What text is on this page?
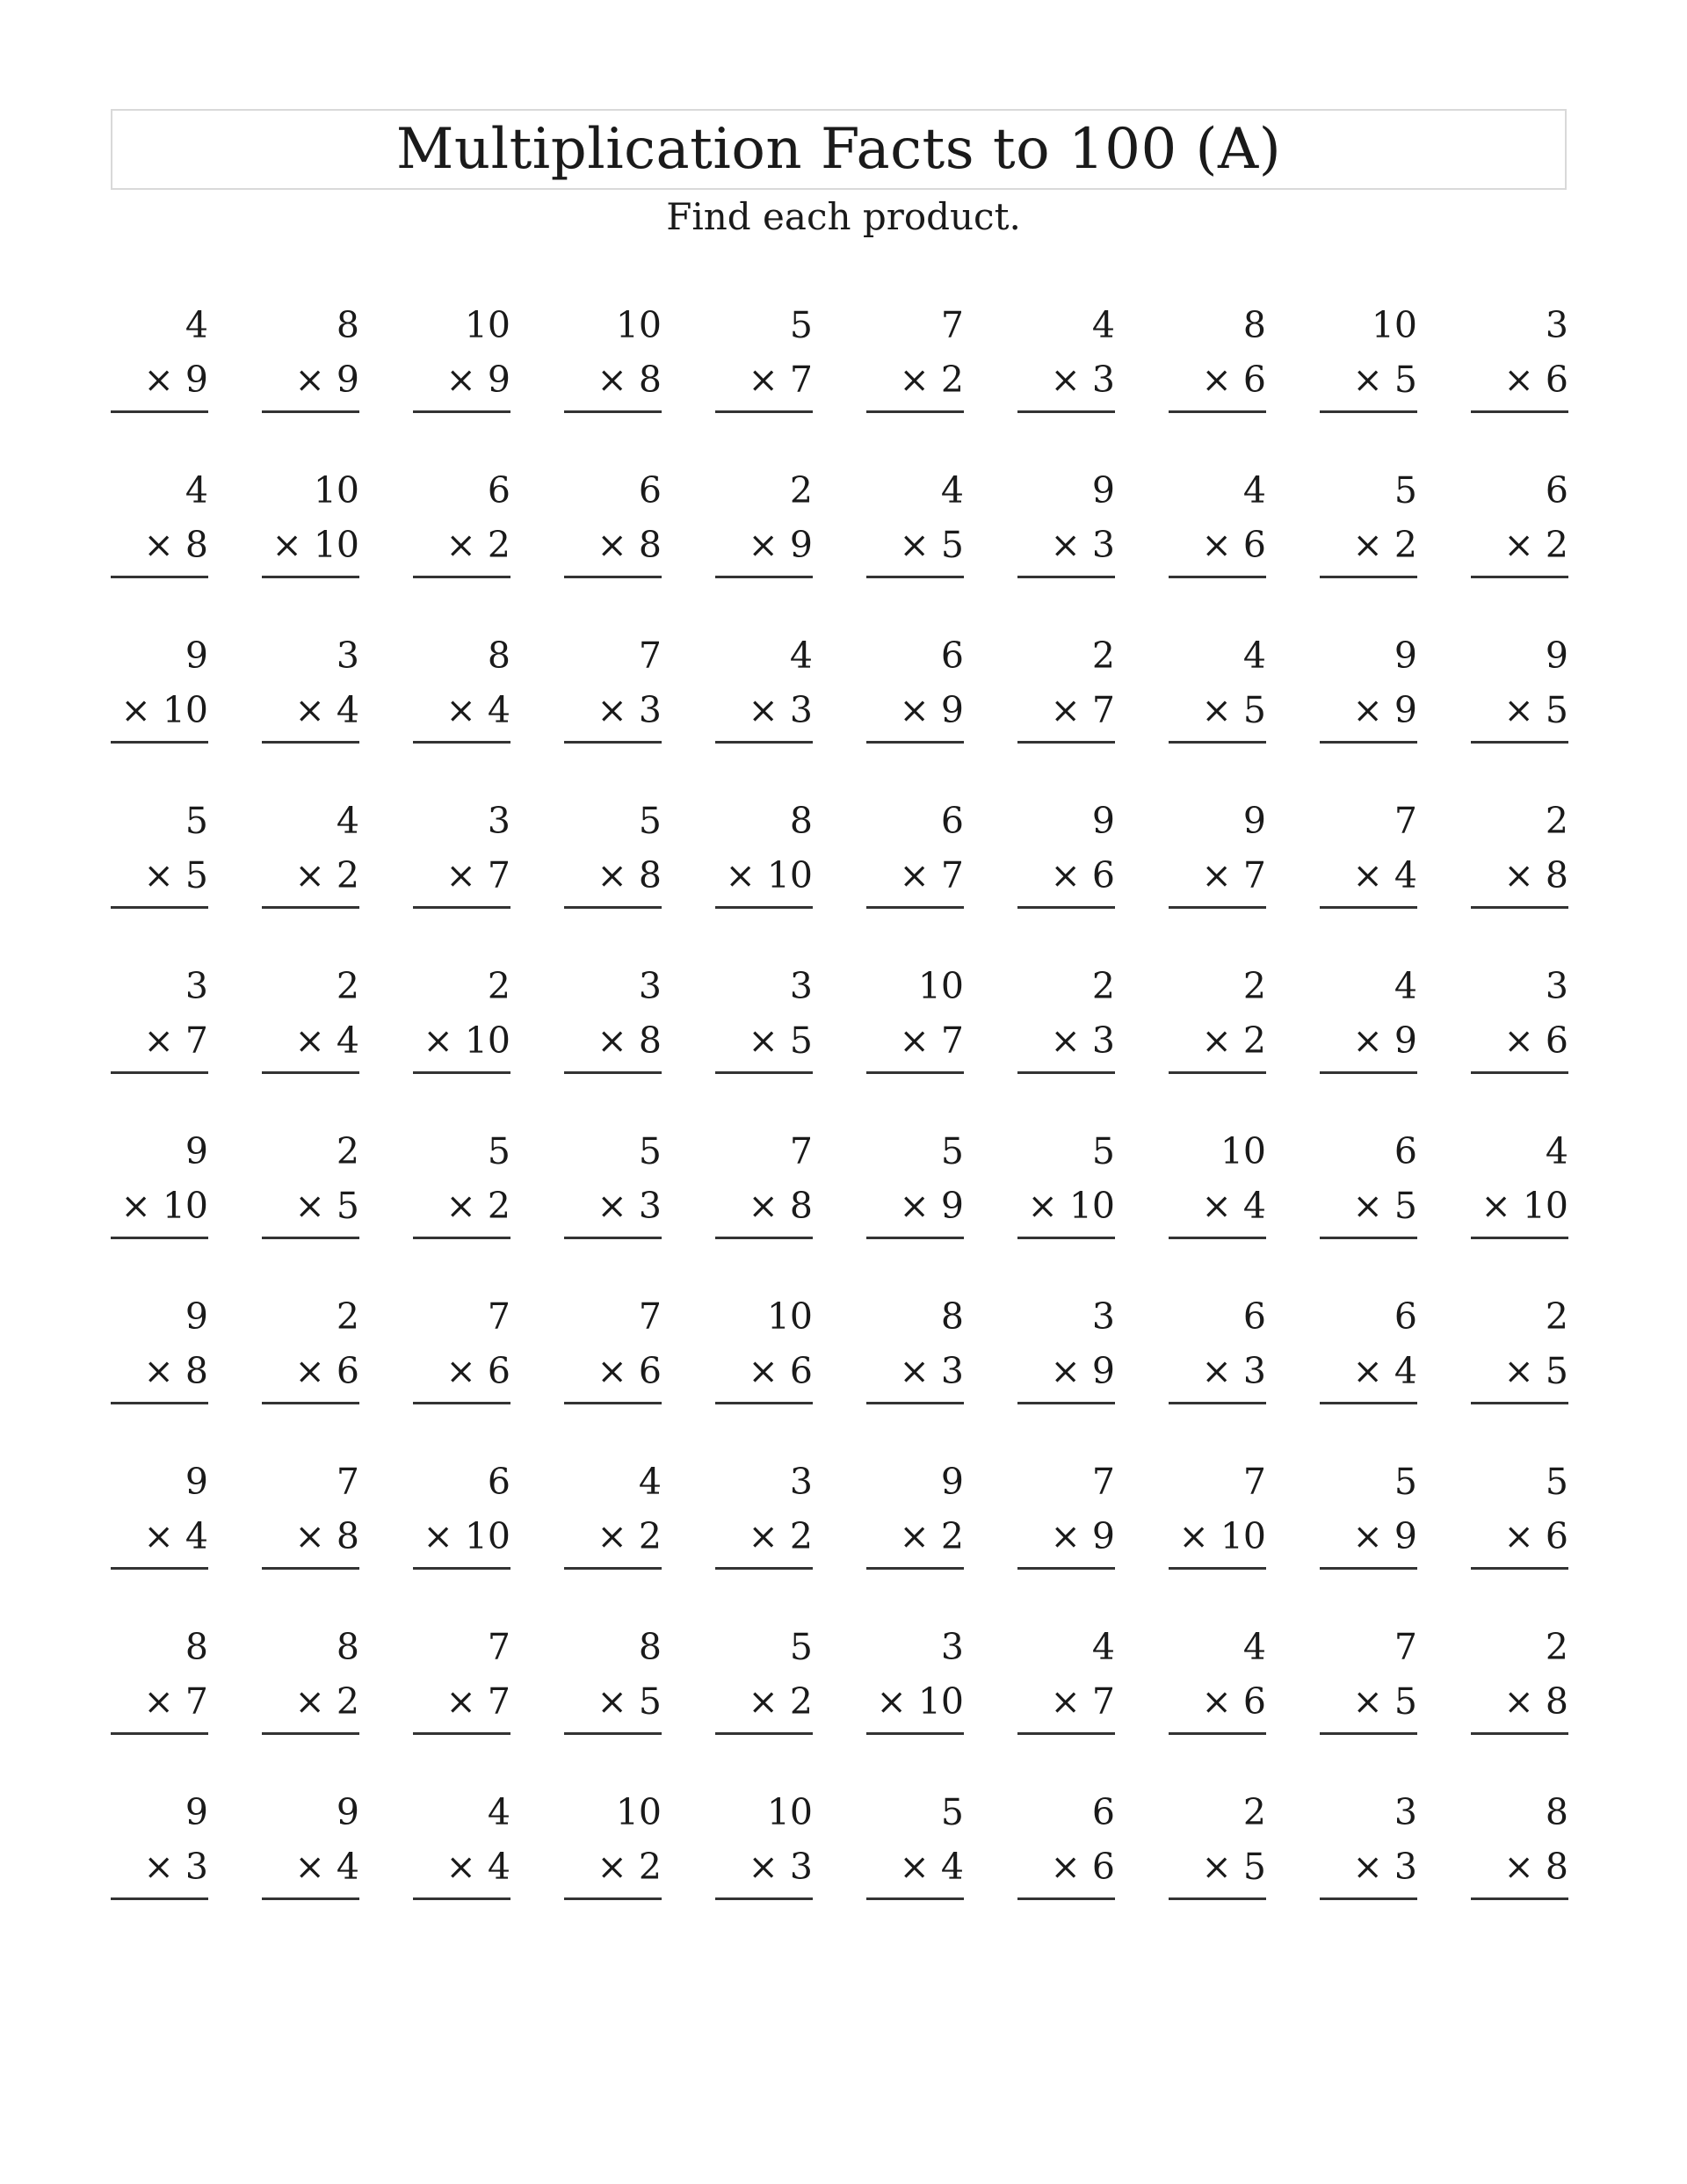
Multiplication Facts to 100 (A)
Find each product.
4
× 9
8
× 9
10
× 9
10
× 8
5
× 7
7
× 2
4
× 3
8
× 6
10
× 5
3
× 6
4
× 8
10
× 10
6
× 2
6
× 8
2
× 9
4
× 5
9
× 3
4
× 6
5
× 2
6
× 2
9
× 10
3
× 4
8
× 4
7
× 3
4
× 3
6
× 9
2
× 7
4
× 5
9
× 9
9
× 5
5
× 5
4
× 2
3
× 7
5
× 8
8
× 10
6
× 7
9
× 6
9
× 7
7
× 4
2
× 8
3
× 7
2
× 4
2
× 10
3
× 8
3
× 5
10
× 7
2
× 3
2
× 2
4
× 9
3
× 6
9
× 10
2
× 5
5
× 2
5
× 3
7
× 8
5
× 9
5
× 10
10
× 4
6
× 5
4
× 10
9
× 8
2
× 6
7
× 6
7
× 6
10
× 6
8
× 3
3
× 9
6
× 3
6
× 4
2
× 5
9
× 4
7
× 8
6
× 10
4
× 2
3
× 2
9
× 2
7
× 9
7
× 10
5
× 9
5
× 6
8
× 7
8
× 2
7
× 7
8
× 5
5
× 2
3
× 10
4
× 7
4
× 6
7
× 5
2
× 8
9
× 3
9
× 4
4
× 4
10
× 2
10
× 3
5
× 4
6
× 6
2
× 5
3
× 3
8
× 8
